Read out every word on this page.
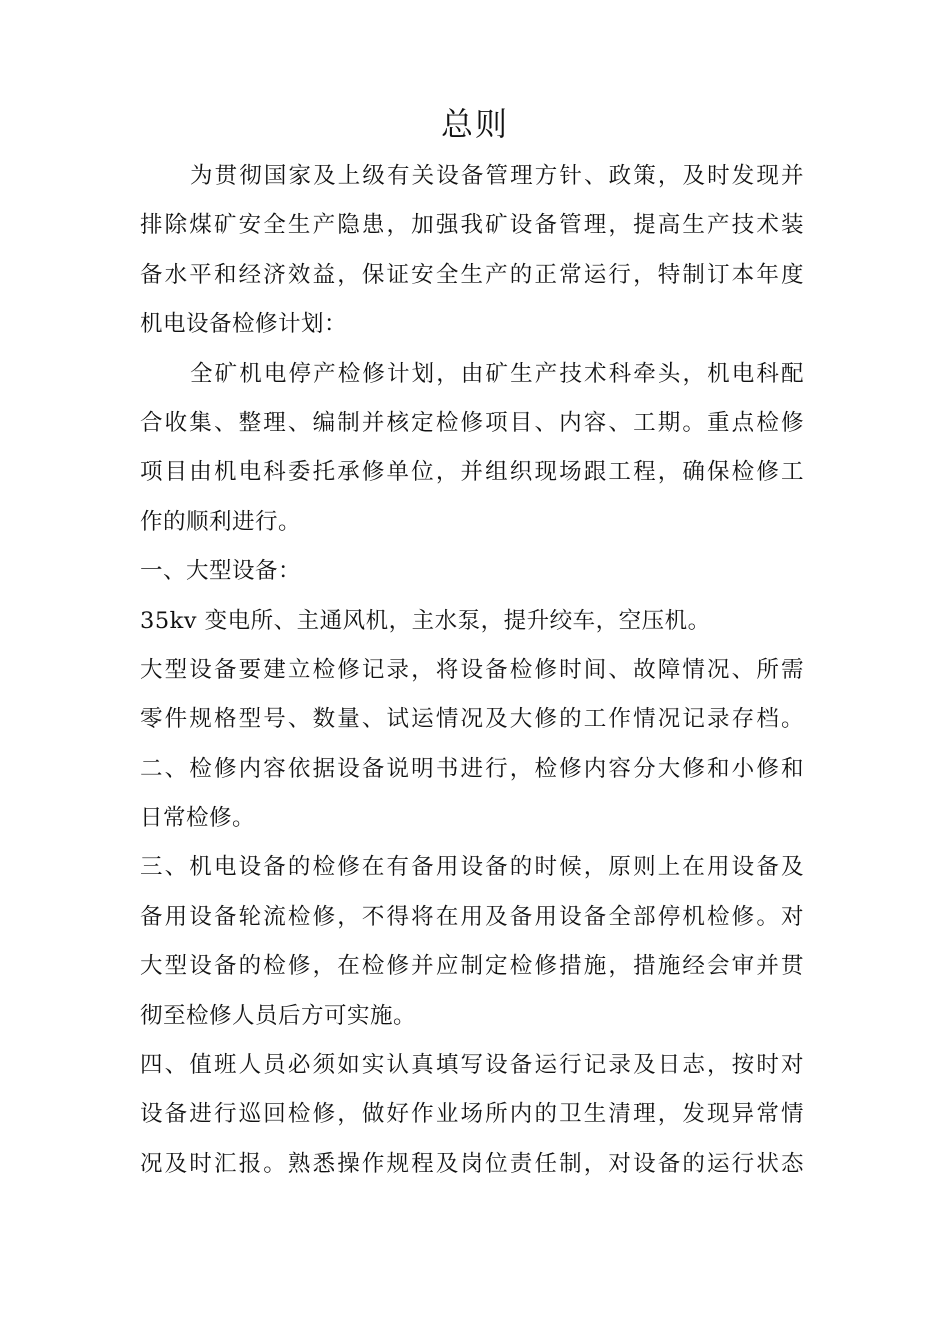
总则
为贯彻国家及上级有关设备管理方针、政策，及时发现并
排除煤矿安全生产隐患，加强我矿设备管理，提高生产技术装
备水平和经济效益，保证安全生产的正常运行，特制订本年度
机电设备检修计划：
全矿机电停产检修计划，由矿生产技术科牵头，机电科配
合收集、整理、编制并核定检修项目、内容、工期。重点检修
项目由机电科委托承修单位，并组织现场跟工程，确保检修工
作的顺利进行。
一、大型设备：
35kv 变电所、主通风机，主水泵，提升绞车，空压机。
大型设备要建立检修记录，将设备检修时间、故障情况、所需
零件规格型号、数量、试运情况及大修的工作情况记录存档。
二、检修内容依据设备说明书进行，检修内容分大修和小修和
日常检修。
三、机电设备的检修在有备用设备的时候，原则上在用设备及
备用设备轮流检修，不得将在用及备用设备全部停机检修。对
大型设备的检修，在检修并应制定检修措施，措施经会审并贯
彻至检修人员后方可实施。
四、值班人员必须如实认真填写设备运行记录及日志，按时对
设备进行巡回检修，做好作业场所内的卫生清理，发现异常情
况及时汇报。熟悉操作规程及岗位责任制，对设备的运行状态
